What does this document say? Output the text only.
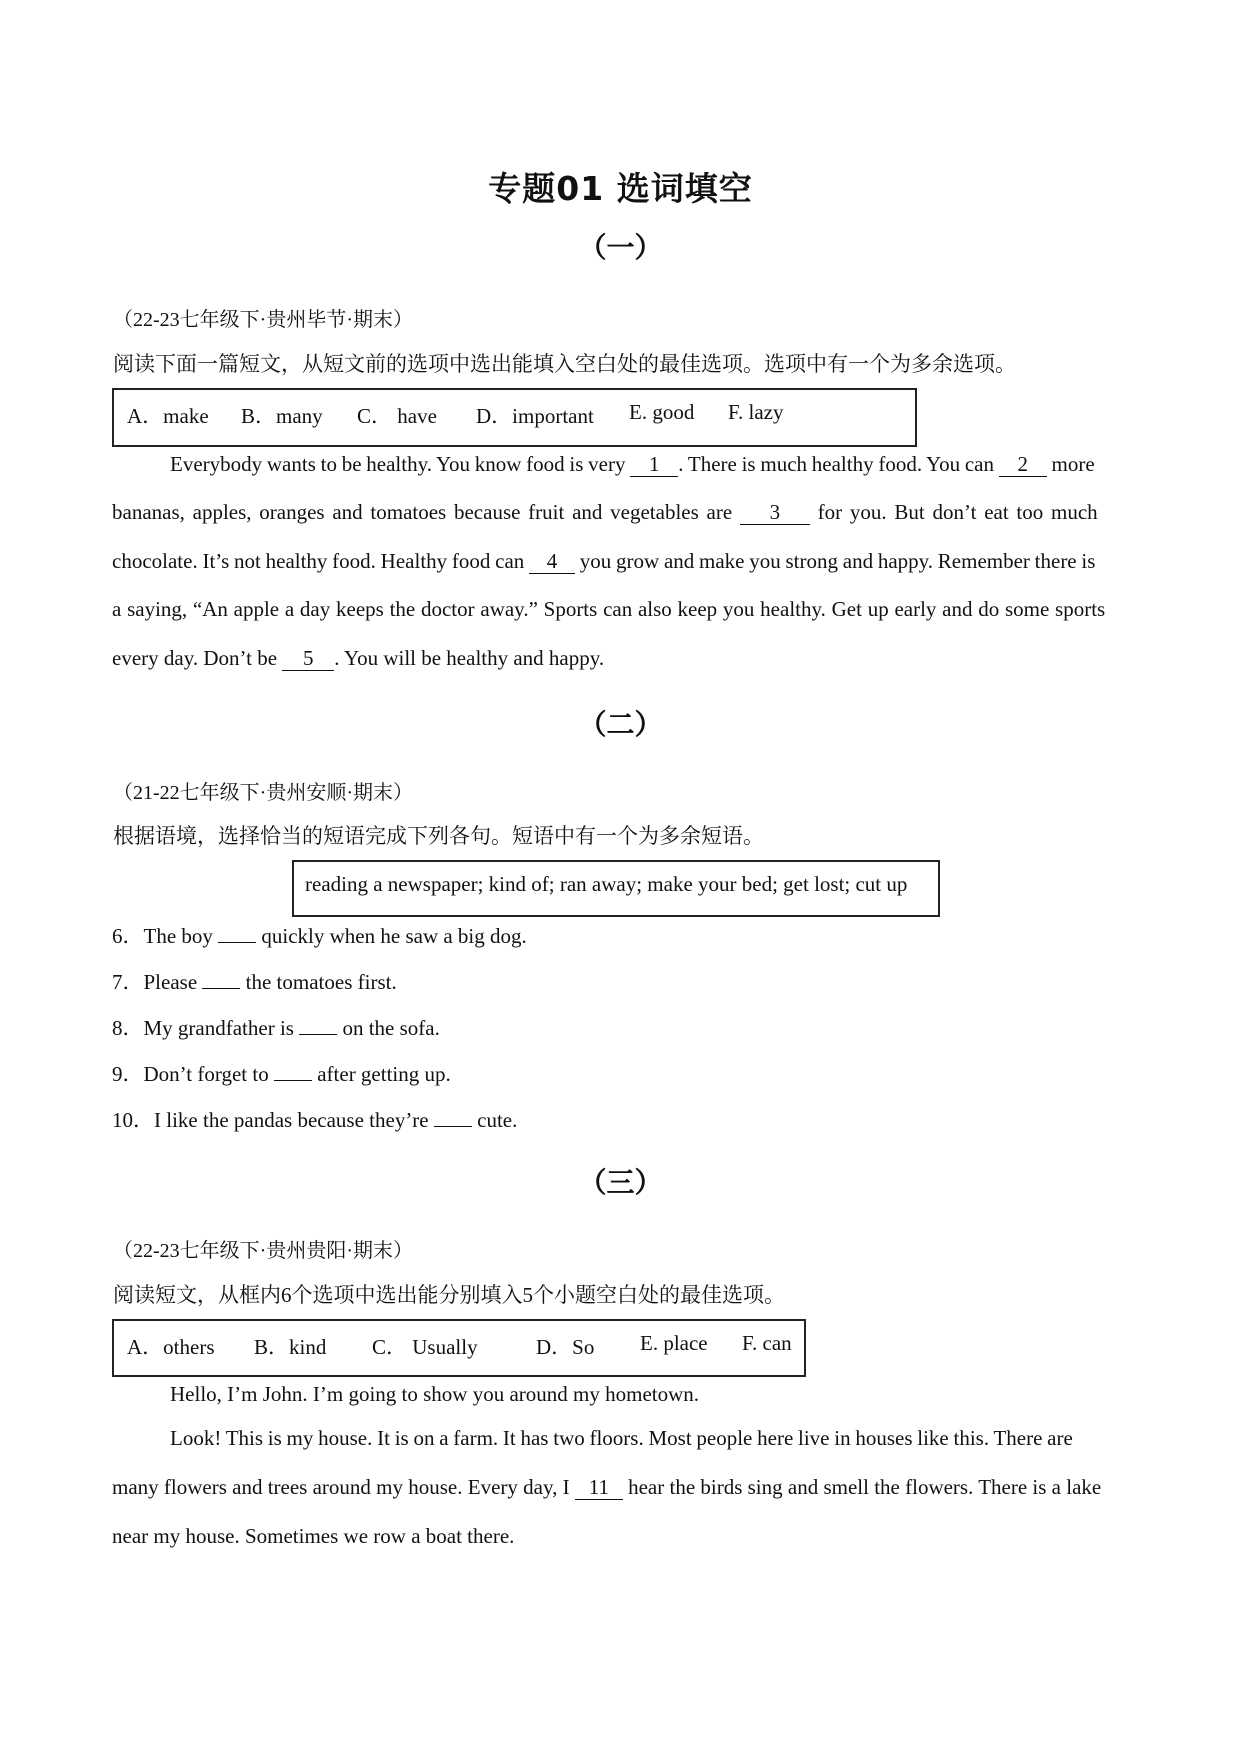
专题01 选词填空
（一）
（22-23七年级下·贵州毕节·期末）
阅读下面一篇短文，从短文前的选项中选出能填入空白处的最佳选项。选项中有一个为多余选项。
A．make B．many C． have D．important E. good F. lazy
Everybody wants to be healthy. You know food is very 1 . There is much healthy food. You can 2 more
bananas, apples, oranges and tomatoes because fruit and vegetables are 3 for you. But don’t eat too much
chocolate. It’s not healthy food. Healthy food can 4 you grow and make you strong and happy. Remember there is
a saying, “An apple a day keeps the doctor away.” Sports can also keep you healthy. Get up early and do some sports
every day. Don’t be 5 . You will be healthy and happy.
（二）
（21-22七年级下·贵州安顺·期末）
根据语境，选择恰当的短语完成下列各句。短语中有一个为多余短语。
reading a newspaper; kind of; ran away; make your bed; get lost; cut up
6．The boy  quickly when he saw a big dog.
7．Please  the tomatoes first.
8．My grandfather is  on the sofa.
9．Don’t forget to  after getting up.
10．I like the pandas because they’re  cute.
（三）
（22-23七年级下·贵州贵阳·期末）
阅读短文，从框内6个选项中选出能分别填入5个小题空白处的最佳选项。
A．others B．kind C． Usually	D．So E. place F. can
Hello, I’m John. I’m going to show you around my hometown.
Look! This is my house. It is on a farm. It has two floors. Most people here live in houses like this. There are
many flowers and trees around my house. Every day, I 11 hear the birds sing and smell the flowers. There is a lake
near my house. Sometimes we row a boat there.
